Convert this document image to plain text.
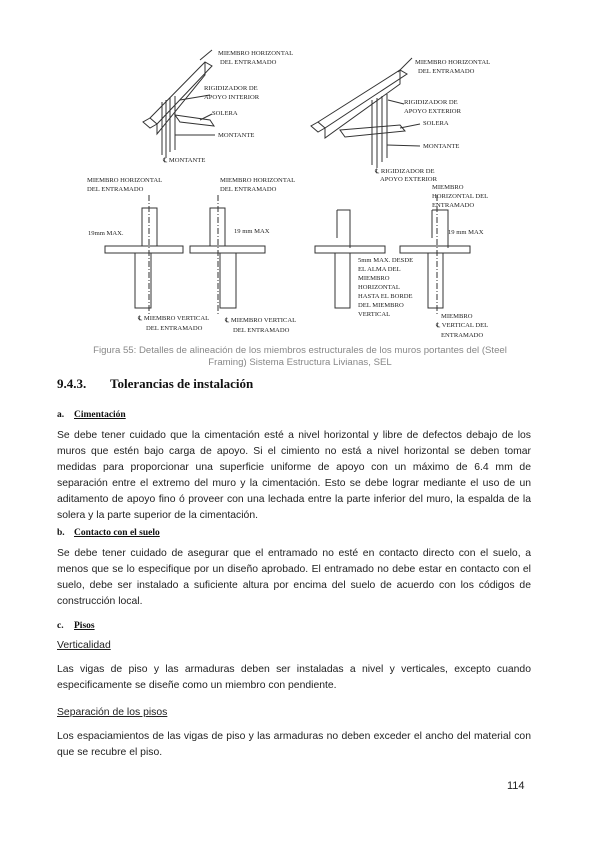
MIEMBRO HORIZONTAL
DEL ENTRAMADO
RIGIDIZADOR DE
APOYO INTERIOR
SOLERA
MONTANTE
℄ MONTANTE
MIEMBRO HORIZONTAL
DEL ENTRAMADO
RIGIDIZADOR DE
APOYO EXTERIOR
SOLERA
MONTANTE
℄ RIGIDIZADOR DE
APOYO EXTERIOR
MIEMBRO HORIZONTAL
DEL ENTRAMADO
19mm MAX.
℄ MIEMBRO VERTICAL
DEL ENTRAMADO
MIEMBRO HORIZONTAL
DEL ENTRAMADO
19 mm MAX
℄ MIEMBRO VERTICAL
DEL ENTRAMADO
5mm MAX. DESDE
EL ALMA DEL
MIEMBRO
HORIZONTAL
HASTA EL BORDE
DEL MIEMBRO
VERTICAL
MIEMBRO
HORIZONTAL DEL
ENTRAMADO
19 mm MAX
MIEMBRO
℄ VERTICAL DEL
ENTRAMADO
Figura 55: Detalles de alineación de los miembros estructurales de los muros portantes del (Steel
Framing) Sistema Estructura Livianas, SEL
9.4.3. Tolerancias de instalación
a. Cimentación
Se debe tener cuidado que la cimentación esté a nivel horizontal y libre de defectos debajo de los muros que estén bajo carga de apoyo. Si el cimiento no está a nivel horizontal se deben tomar medidas para proporcionar una superficie uniforme de apoyo con un máximo de 6.4 mm de separación entre el extremo del muro y la cimentación. Esto se debe lograr mediante el uso de un aditamento de apoyo fino ó proveer con una lechada entre la parte inferior del muro, la espalda de la solera y la parte superior de la cimentación.
b. Contacto con el suelo
Se debe tener cuidado de asegurar que el entramado no esté en contacto directo con el suelo, a menos que se lo especifique por un diseño aprobado. El entramado no debe estar en contacto con el suelo, debe ser instalado a suficiente altura por encima del suelo de acuerdo con los códigos de construcción local.
c. Pisos
Verticalidad
Las vigas de piso y las armaduras deben ser instaladas a nivel y verticales, excepto cuando especificamente se diseñe como un miembro con pendiente.
Separación de los pisos
Los espaciamientos de las vigas de piso y las armaduras no deben exceder el ancho del material con que se recubre el piso.
114
